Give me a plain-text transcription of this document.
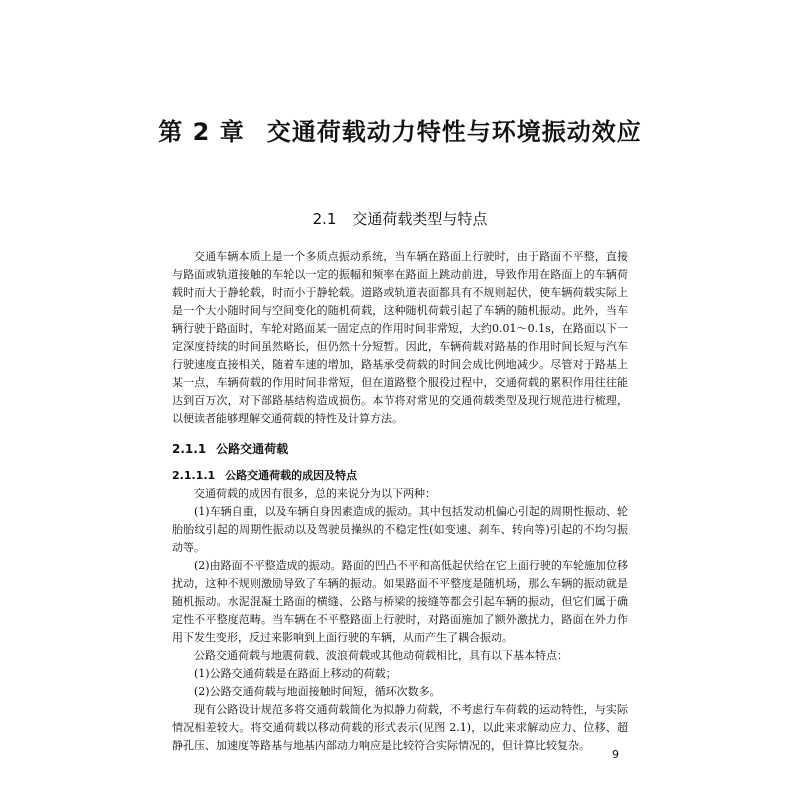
第 2 章 交通荷载动力特性与环境振动效应
2.1 交通荷载类型与特点

交通车辆本质上是一个多质点振动系统，当车辆在路面上行驶时，由于路面不平整，直接与路面或轨道接触的车轮以一定的振幅和频率在路面上跳动前进，导致作用在路面上的车辆荷载时而大于静轮载，时而小于静轮载。道路或轨道表面都具有不规则起伏，使车辆荷载实际上是一个大小随时间与空间变化的随机荷载，这种随机荷载引起了车辆的随机振动。此外，当车辆行驶于路面时，车轮对路面某一固定点的作用时间非常短，大约0.01～0.1s，在路面以下一定深度持续的时间虽然略长，但仍然十分短暂。因此，车辆荷载对路基的作用时间长短与汽车行驶速度直接相关，随着车速的增加，路基承受荷载的时间会成比例地减少。尽管对于路基上某一点，车辆荷载的作用时间非常短，但在道路整个服役过程中，交通荷载的累积作用往往能达到百万次，对下部路基结构造成损伤。本节将对常见的交通荷载类型及现行规范进行梳理，以便读者能够理解交通荷载的特性及计算方法。

2.1.1 公路交通荷载
2.1.1.1 公路交通荷载的成因及特点

交通荷载的成因有很多，总的来说分为以下两种：

(1)车辆自重，以及车辆自身因素造成的振动。其中包括发动机偏心引起的周期性振动、轮胎胎纹引起的周期性振动以及驾驶员操纵的不稳定性(如变速、刹车、转向等)引起的不均匀振动等。

(2)由路面不平整造成的振动。路面的凹凸不平和高低起伏给在它上面行驶的车轮施加位移扰动，这种不规则激励导致了车辆的振动。如果路面不平整度是随机场，那么车辆的振动就是随机振动。水泥混凝土路面的横缝、公路与桥梁的接缝等都会引起车辆的振动，但它们属于确定性不平整度范畴。当车辆在不平整路面上行驶时，对路面施加了额外激扰力，路面在外力作用下发生变形，反过来影响到上面行驶的车辆，从而产生了耦合振动。

公路交通荷载与地震荷载、波浪荷载或其他动荷载相比，具有以下基本特点：

(1)公路交通荷载是在路面上移动的荷载；

(2)公路交通荷载与地面接触时间短，循环次数多。

现有公路设计规范多将交通荷载简化为拟静力荷载，不考虑行车荷载的运动特性，与实际情况相差较大。将交通荷载以移动荷载的形式表示(见图 2.1)，以此来求解动应力、位移、超静孔压、加速度等路基与地基内部动力响应是比较符合实际情况的，但计算比较复杂。

9
